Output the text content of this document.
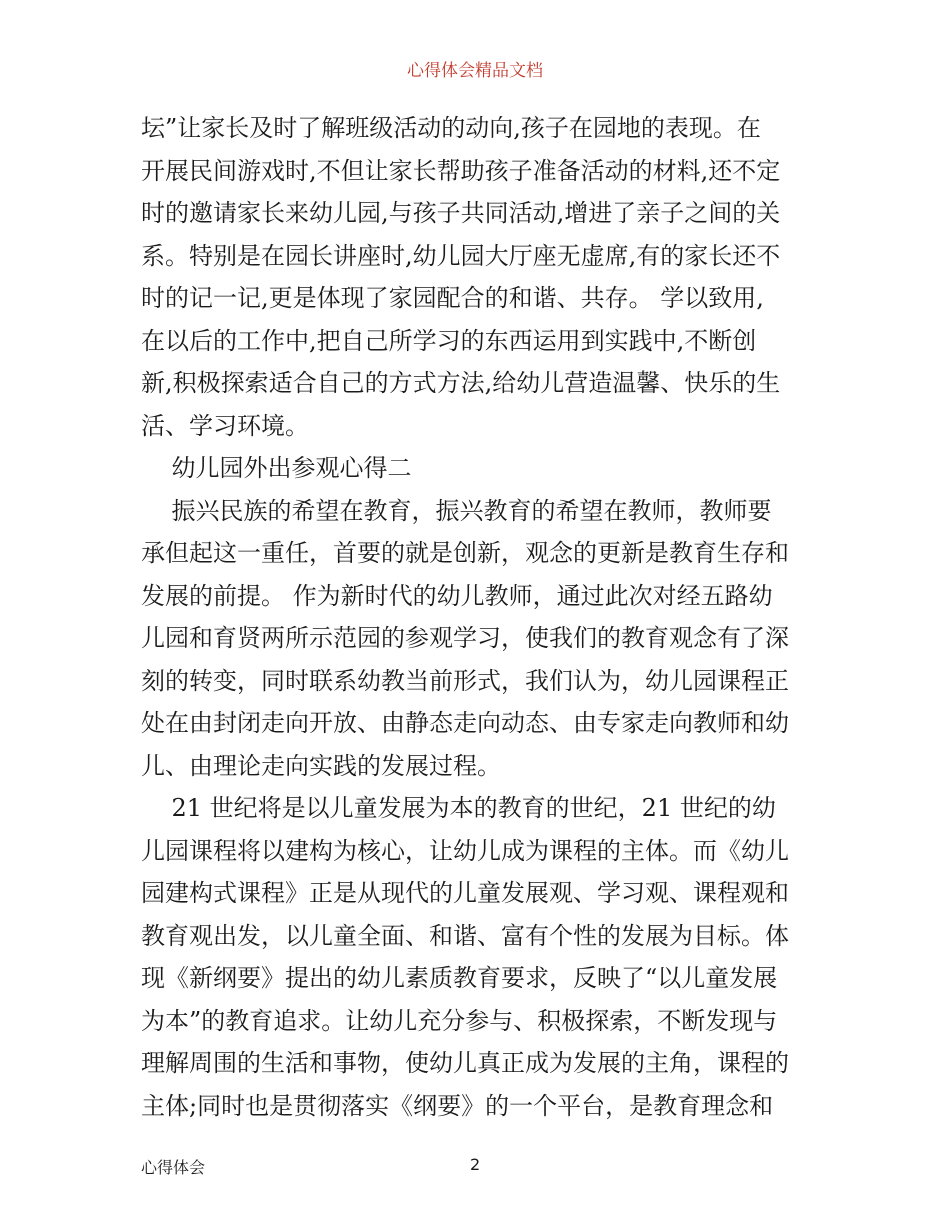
心得体会精品文档
坛”让家长及时了解班级活动的动向,孩子在园地的表现。在
开展民间游戏时,不但让家长帮助孩子准备活动的材料,还不定
时的邀请家长来幼儿园,与孩子共同活动,增进了亲子之间的关
系。特别是在园长讲座时,幼儿园大厅座无虚席,有的家长还不
时的记一记,更是体现了家园配合的和谐、共存。 学以致用,
在以后的工作中,把自己所学习的东西运用到实践中,不断创
新,积极探索适合自己的方式方法,给幼儿营造温馨、快乐的生
活、学习环境。
幼儿园外出参观心得二
振兴民族的希望在教育，振兴教育的希望在教师，教师要
承但起这一重任，首要的就是创新，观念的更新是教育生存和
发展的前提。 作为新时代的幼儿教师，通过此次对经五路幼
儿园和育贤两所示范园的参观学习，使我们的教育观念有了深
刻的转变，同时联系幼教当前形式，我们认为，幼儿园课程正
处在由封闭走向开放、由静态走向动态、由专家走向教师和幼
儿、由理论走向实践的发展过程。
21 世纪将是以儿童发展为本的教育的世纪，21 世纪的幼
儿园课程将以建构为核心，让幼儿成为课程的主体。而《幼儿
园建构式课程》正是从现代的儿童发展观、学习观、课程观和
教育观出发，以儿童全面、和谐、富有个性的发展为目标。体
现《新纲要》提出的幼儿素质教育要求，反映了“以儿童发展
为本”的教育追求。让幼儿充分参与、积极探索，不断发现与
理解周围的生活和事物，使幼儿真正成为发展的主角，课程的
主体;同时也是贯彻落实《纲要》的一个平台，是教育理念和
心得体会	2
